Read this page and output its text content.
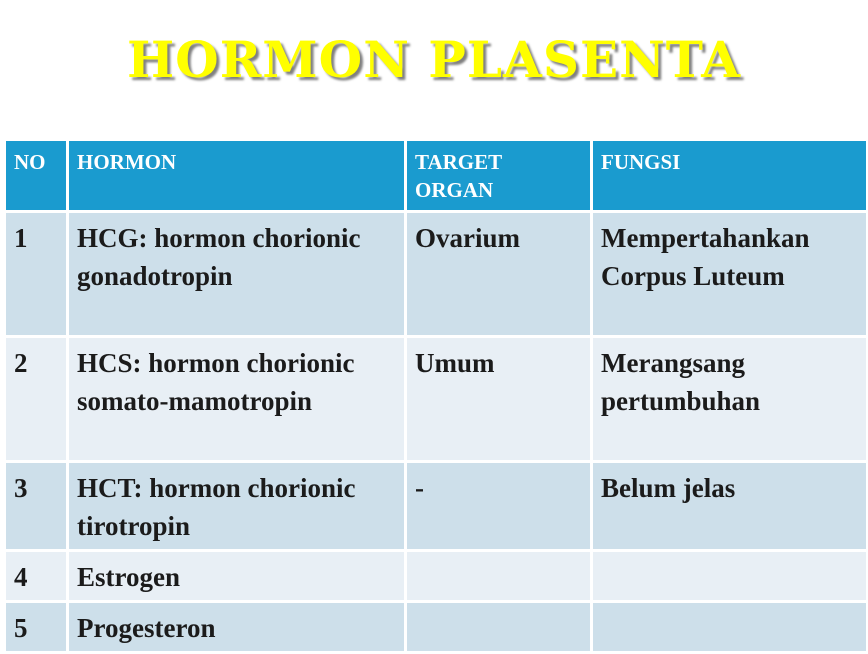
HORMON PLASENTA
NO	HORMON	TARGET ORGAN	FUNGSI
1	HCG: hormon chorionic gonadotropin	Ovarium	Mempertahankan Corpus Luteum
2	HCS: hormon chorionic somato-mamotropin	Umum	Merangsang pertumbuhan
3	HCT: hormon chorionic tirotropin	-	Belum jelas
4	Estrogen		
5	Progesteron		
